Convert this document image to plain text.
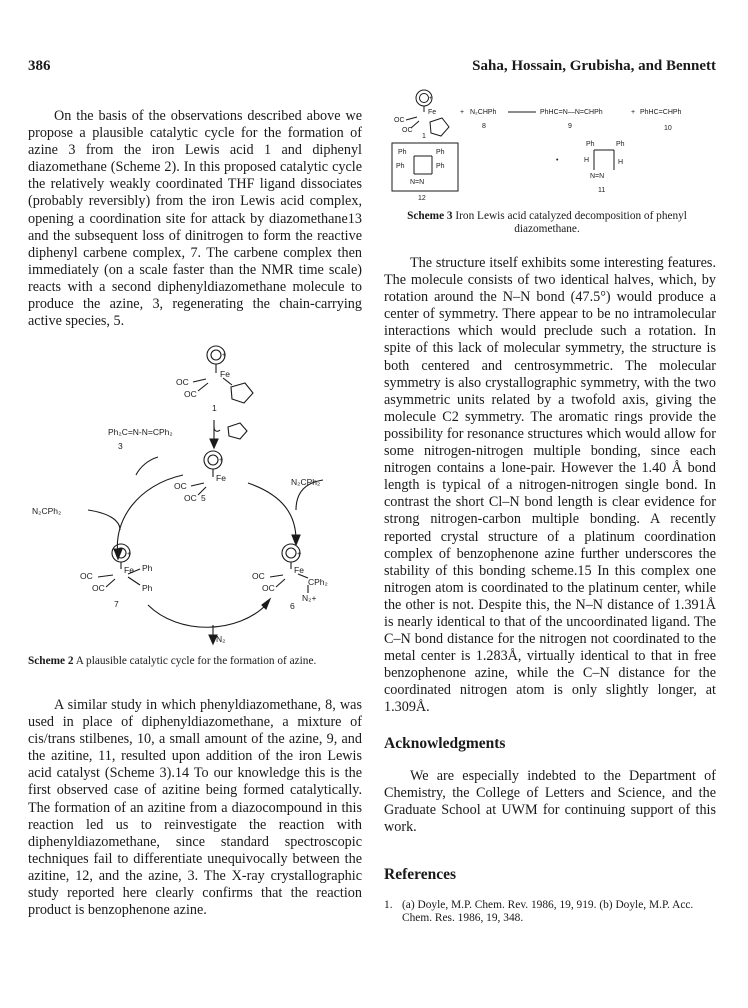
386	Saha, Hossain, Grubisha, and Bennett

On the basis of the observations described above we propose a plausible catalytic cycle for the formation of azine 3 from the iron Lewis acid 1 and diphenyl diazomethane (Scheme 2). In this proposed catalytic cycle the relatively weakly coordinated THF ligand dissociates (probably reversibly) from the iron Lewis acid complex, opening a coordination site for attack by diazomethane13 and the subsequent loss of dinitrogen to form the reactive diphenyl carbene complex, 7. The carbene complex then immediately (on a scale faster than the NMR time scale) reacts with a second diphenyldiazomethane molecule to produce the azine, 3, regenerating the chain-carrying active species, 5.

Fe
+
OC
OC
1
Fe
+
OC
OC 5
Ph₂C=N-N=CPh₂
3
N₂CPh₂
N₂CPh₂
Fe
+
OC
OC
Ph
Ph
7
Fe
+
OC
OC
CPh₂
N₂+
6
N₂
Scheme 2 A plausible catalytic cycle for the formation of azine.

A similar study in which phenyldiazomethane, 8, was used in place of diphenyldiazomethane, a mixture of cis/trans stilbenes, 10, a small amount of the azine, 9, and the azitine, 11, resulted upon addition of the iron Lewis acid catalyst (Scheme 3).14 To our knowledge this is the first observed case of azitine being formed catalytically. The formation of an azitine from a diazocompound in this reaction led us to reinvestigate the reaction with diphenyldiazomethane, since standard spectroscopic techniques fail to differentiate unequivocally between the azitine, 12, and the azine, 3. The X-ray crystallographic study reported here clearly confirms that the reaction product is benzophenone azine.

Fe
+
OC
OC
1
+ N₂CHPh
8
PhHC=N—N=CHPh
9
+ PhHC=CHPh
10
Ph	Ph
Ph	Ph
N=N
12
•
Ph	Ph
H	H
N=N
11
Scheme 3 Iron Lewis acid catalyzed decomposition of phenyl diazomethane.

The structure itself exhibits some interesting features. The molecule consists of two identical halves, which, by rotation around the N–N bond (47.5°) would produce a center of symmetry. There appear to be no intramolecular interactions which would preclude such a rotation. In spite of this lack of molecular symmetry, the structure is both centered and centrosymmetric. The molecular symmetry is also crystallographic symmetry, with the two asymmetric units related by a twofold axis, giving the molecule C2 symmetry. The aromatic rings provide the possibility for resonance structures which would allow for some nitrogen-nitrogen multiple bonding, since each nitrogen contains a lone-pair. However the 1.40 Å bond length is typical of a nitrogen-nitrogen single bond. In contrast the short Cl–N bond length is clear evidence for strong nitrogen-carbon multiple bonding. A recently reported crystal structure of a platinum coordination complex of benzophenone azine further underscores the stability of this bonding scheme.15 In this complex one nitrogen atom is coordinated to the platinum center, while the other is not. Despite this, the N–N distance of 1.391Å is nearly identical to that of the uncoordinated ligand. The C–N bond distance for the nitrogen not coordinated to the metal center is 1.283Å, virtually identical to that in free benzophenone azine, while the C–N distance for the coordinated nitrogen atom is only slightly longer, at 1.309Å.

Acknowledgments

We are especially indebted to the Department of Chemistry, the College of Letters and Science, and the Graduate School at UWM for continuing support of this work.

References
1. (a) Doyle, M.P. Chem. Rev. 1986, 19, 919. (b) Doyle, M.P. Acc. Chem. Res. 1986, 19, 348.
